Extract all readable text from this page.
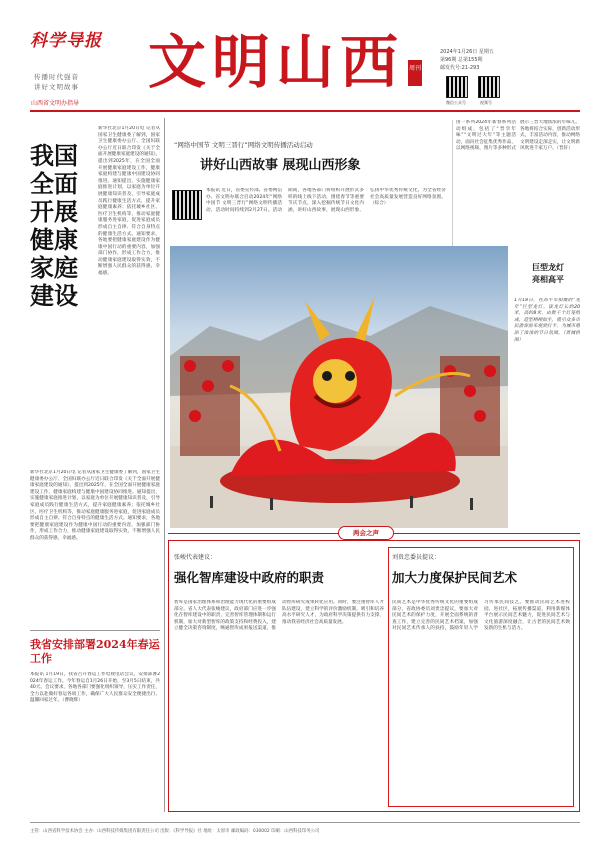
科学导报
传播时代强音
讲好文明故事
山西省文明办指导
文明山西 周刊
2024年1月26日 星期五
第96期 总第155期
邮发代号:21-293
微信公众号	视频号
我国全面开展健康家庭建设
新华社北京1月20日电 记者从国家卫生健康委了解到，国家卫生健康委办公厅、全国妇联办公厅近日联合印发《关于全面开展健康家庭建设的通知》，提出到2025年，在全国全面开展健康家庭建设工作，健康家庭构建与健康中国建设协同推进。通知提出，实施健康家庭推进计划，以家庭为单位开展健康知识普及，引导家庭成员践行健康生活方式，提升家庭健康素养；依托城乡社区、医疗卫生机构等，推动家庭健康服务进家庭，促进家庭成员形成自主自律、符合自身特点的健康生活方式。通知要求，各地要把健康家庭建设作为健康中国行动的重要内容，加强部门协作，形成工作合力，推动健康家庭建设取得实效，不断增强人民群众的获得感、幸福感。
新华社北京1月20日电 记者从国家卫生健康委了解到，国家卫生健康委办公厅、全国妇联办公厅近日联合印发《关于全面开展健康家庭建设的通知》，提出到2025年，在全国全面开展健康家庭建设工作，健康家庭构建与健康中国建设协同推进。通知提出，实施健康家庭推进计划，以家庭为单位开展健康知识普及，引导家庭成员践行健康生活方式，提升家庭健康素养；依托城乡社区、医疗卫生机构等，推动家庭健康服务进家庭，促进家庭成员形成自主自律、符合自身特点的健康生活方式。通知要求，各地要把健康家庭建设作为健康中国行动的重要内容，加强部门协作，形成工作合力，推动健康家庭建设取得实效，不断增强人民群众的获得感、幸福感。
我省安排部署2024年春运工作
本报讯 1月19日，我省召开春运工作电视电话会议，安排部署2024年春运工作。今年春运自1月26日开始，至3月5日结束，共40天。会议要求，各地各部门要强化组织领导，压实工作责任，全力以赴做好春运各项工作，确保广大人民群众安全便捷出行、温馨回家过年。（曹晓辉）
“网络中国节 文明三晋行”网络文明传播活动启动
讲好山西故事 展现山西形象
本报讯 近日，省委宣传部、省委网信办、省文明办联合启动2024年“网络中国节 文明三晋行”网络文明传播活动，活动时间持续到2月27日。活动期间，各地各部门将组织开展形式多样的线上线下活动，围绕春节等重要节庆节点，深入挖掘传统节日文化内涵，讲好山西故事，展现山西形象，弘扬中华优秀传统文化，为全省经济社会高质量发展营造良好网络氛围。（综合）
由一系列2024年新春系列活动组成，包括了“晋享年味”“文明过大年”等主题活动，面向社会征集优秀作品，以网络视频、图片等多种形式展示三晋大地浓浓的年味儿。各地将结合实际，创新活动形式，丰富活动内容，推动网络文明建设走深走实，让文明新风吹进千家万户。（晋轩）
巨型龙灯
亮相高平
1月18日，在高平市拍摄的“龙年”巨型龙灯。该龙灯长约20米，高约8米，由数千个灯笼组成，造型栩栩如生，吸引众多市民游客前来观赏打卡，为城市增添了浓浓的节日氛围。（晋城供图）
两会之声
张峻代表建议：
强化智库建设中政府的职责
智库是国家治理体系和治理能力现代化的重要组成部分。省人大代表张峻建议，政府部门应进一步强化在智库建设中的职责，完善智库管理体制和运行机制，加大对新型智库的政策支持和经费投入，建立健全决策咨询制度，畅通智库成果报送渠道，推动智库研究成果转化应用。同时，要注重智库人才队伍建设，建立科学的评价激励机制，吸引和培养高水平研究人才，为政府科学决策提供有力支撑，推动我省经济社会高质量发展。
刘贵忠委员提议：
加大力度保护民间艺术
民间艺术是中华优秀传统文化的重要组成部分。省政协委员刘贵忠提议，要加大对民间艺术的保护力度，开展全面系统的普查工作，建立完善的民间艺术档案，加强对民间艺术传承人的扶持，鼓励年轻人学习传承民间技艺。要推动民间艺术进校园、进社区，拓展传播渠道，利用新媒体平台展示民间艺术魅力，促进民间艺术与文化旅游深度融合，让古老的民间艺术焕发新的生机与活力。
主管：山西省科学技术协会 主办：山西科技传媒集团有限责任公司 出版：《科学导报》社 地址：太原市 邮政编码：030002 印刷：山西科技印务公司
